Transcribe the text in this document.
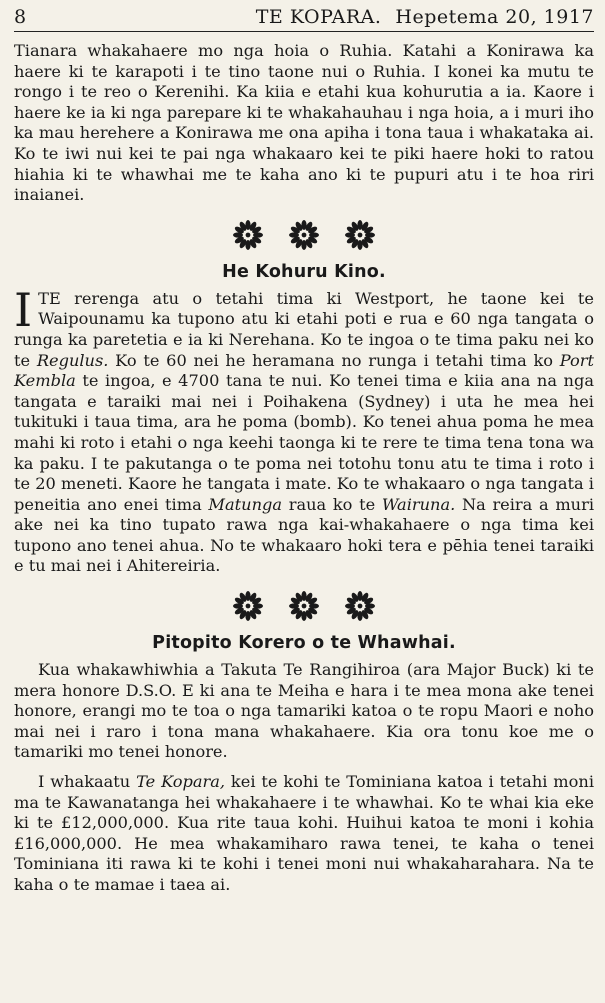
8	TE KOPARA. Hepetema 20, 1917

Tianara whakahaere mo nga hoia o Ruhia. Katahi a Konirawa ka haere ki te karapoti i te tino taone nui o Ruhia. I konei ka mutu te rongo i te reo o Kerenihi. Ka kiia e etahi kua kohurutia a ia. Kaore i haere ke ia ki nga parepare ki te whakahauhau i nga hoia, a i muri iho ka mau herehere a Konirawa me ona apiha i tona taua i whakataka ai. Ko te iwi nui kei te pai nga whakaaro kei te piki haere hoki to ratou hiahia ki te whawhai me te kaha ano ki te pupuri atu i te hoa riri inaianei.

He Kohuru Kino.

ITE rerenga atu o tetahi tima ki Westport, he taone kei te Waipounamu ka tupono atu ki etahi poti e rua e 60 nga tangata o runga ka paretetia e ia ki Nerehana. Ko te ingoa o te tima paku nei ko te Regulus. Ko te 60 nei he heramana no runga i tetahi tima ko Port Kembla te ingoa, e 4700 tana te nui. Ko tenei tima e kiia ana na nga tangata e taraiki mai nei i Poihakena (Sydney) i uta he mea hei tukituki i taua tima, ara he poma (bomb). Ko tenei ahua poma he mea mahi ki roto i etahi o nga keehi taonga ki te rere te tima tena tona wa ka paku. I te pakutanga o te poma nei totohu tonu atu te tima i roto i te 20 meneti. Kaore he tangata i mate. Ko te whakaaro o nga tangata i peneitia ano enei tima Matunga raua ko te Wairuna. Na reira a muri ake nei ka tino tupato rawa nga kai-whakahaere o nga tima kei tupono ano tenei ahua. No te whakaaro hoki tera e pēhia tenei taraiki e tu mai nei i Ahitereiria.

Pitopito Korero o te Whawhai.

Kua whakawhiwhia a Takuta Te Rangihiroa (ara Major Buck) ki te mera honore D.S.O. E ki ana te Meiha e hara i te mea mona ake tenei honore, erangi mo te toa o nga tamariki katoa o te ropu Maori e noho mai nei i raro i tona mana whakahaere. Kia ora tonu koe me o tamariki mo tenei honore.

I whakaatu Te Kopara, kei te kohi te Tominiana katoa i tetahi moni ma te Kawanatanga hei whakahaere i te whawhai. Ko te whai kia eke ki te £12,000,000. Kua rite taua kohi. Huihui katoa te moni i kohia £16,000,000. He mea whakamiharo rawa tenei, te kaha o tenei Tominiana iti rawa ki te kohi i tenei moni nui whakaharahara. Na te kaha o te mamae i taea ai.
